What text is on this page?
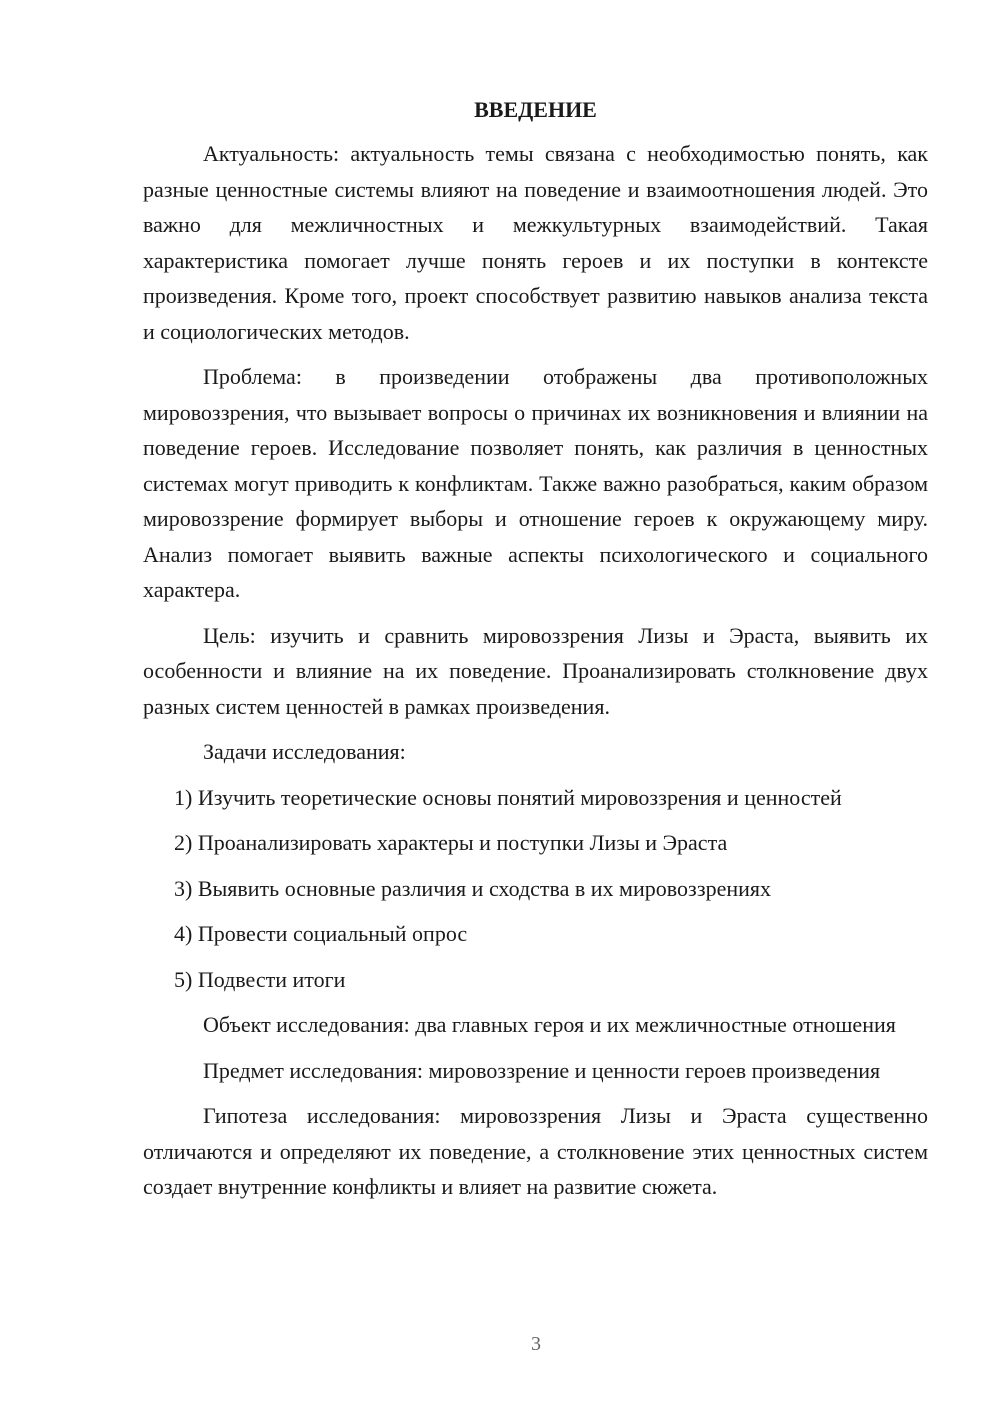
ВВЕДЕНИЕ

Актуальность: актуальность темы связана с необходимостью понять, как разные ценностные системы влияют на поведение и взаимоотношения людей. Это важно для межличностных и межкультурных взаимодействий. Такая характеристика помогает лучше понять героев и их поступки в контексте произведения. Кроме того, проект способствует развитию навыков анализа текста и социологических методов.

Проблема: в произведении отображены два противоположных мировоззрения, что вызывает вопросы о причинах их возникновения и влиянии на поведение героев. Исследование позволяет понять, как различия в ценностных системах могут приводить к конфликтам. Также важно разобраться, каким образом мировоззрение формирует выборы и отношение героев к окружающему миру. Анализ помогает выявить важные аспекты психологического и социального характера.

Цель: изучить и сравнить мировоззрения Лизы и Эраста, выявить их особенности и влияние на их поведение. Проанализировать столкновение двух разных систем ценностей в рамках произведения.

Задачи исследования:
1) Изучить теоретические основы понятий мировоззрения и ценностей
2) Проанализировать характеры и поступки Лизы и Эраста
3) Выявить основные различия и сходства в их мировоззрениях
4) Провести социальный опрос
5) Подвести итоги

Объект исследования: два главных героя и их межличностные отношения

Предмет исследования: мировоззрение и ценности героев произведения

Гипотеза исследования: мировоззрения Лизы и Эраста существенно отличаются и определяют их поведение, а столкновение этих ценностных систем создает внутренние конфликты и влияет на развитие сюжета.

3
